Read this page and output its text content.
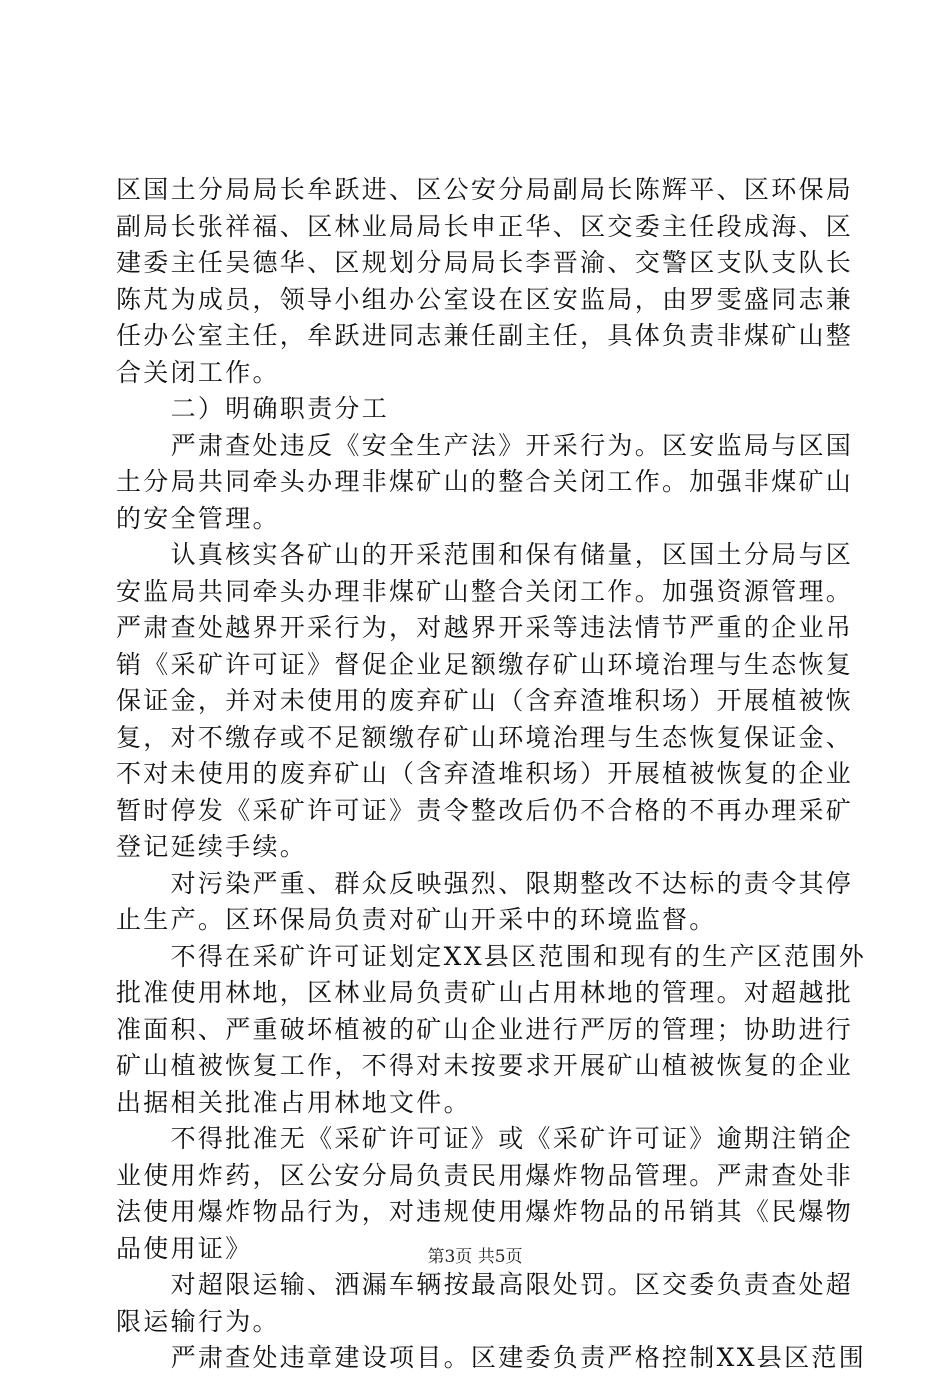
区国土分局局长牟跃进、区公安分局副局长陈辉平、区环保局
副局长张祥福、区林业局局长申正华、区交委主任段成海、区
建委主任吴德华、区规划分局局长李晋渝、交警区支队支队长
陈芃为成员，领导小组办公室设在区安监局，由罗雯盛同志兼
任办公室主任，牟跃进同志兼任副主任，具体负责非煤矿山整
合关闭工作。
　　二）明确职责分工
　　严肃查处违反《安全生产法》开采行为。区安监局与区国
土分局共同牵头办理非煤矿山的整合关闭工作。加强非煤矿山
的安全管理。
　　认真核实各矿山的开采范围和保有储量，区国土分局与区
安监局共同牵头办理非煤矿山整合关闭工作。加强资源管理。
严肃查处越界开采行为，对越界开采等违法情节严重的企业吊
销《采矿许可证》督促企业足额缴存矿山环境治理与生态恢复
保证金，并对未使用的废弃矿山（含弃渣堆积场）开展植被恢
复，对不缴存或不足额缴存矿山环境治理与生态恢复保证金、
不对未使用的废弃矿山（含弃渣堆积场）开展植被恢复的企业
暂时停发《采矿许可证》责令整改后仍不合格的不再办理采矿
登记延续手续。
　　对污染严重、群众反映强烈、限期整改不达标的责令其停
止生产。区环保局负责对矿山开采中的环境监督。
　　不得在采矿许可证划定XX县区范围和现有的生产区范围外
批准使用林地，区林业局负责矿山占用林地的管理。对超越批
准面积、严重破坏植被的矿山企业进行严厉的管理；协助进行
矿山植被恢复工作，不得对未按要求开展矿山植被恢复的企业
出据相关批准占用林地文件。
　　不得批准无《采矿许可证》或《采矿许可证》逾期注销企
业使用炸药，区公安分局负责民用爆炸物品管理。严肃查处非
法使用爆炸物品行为，对违规使用爆炸物品的吊销其《民爆物
品使用证》
　　对超限运输、洒漏车辆按最高限处罚。区交委负责查处超
限运输行为。
　　严肃查处违章建设项目。区建委负责严格控制XX县区范围
第3页 共5页
